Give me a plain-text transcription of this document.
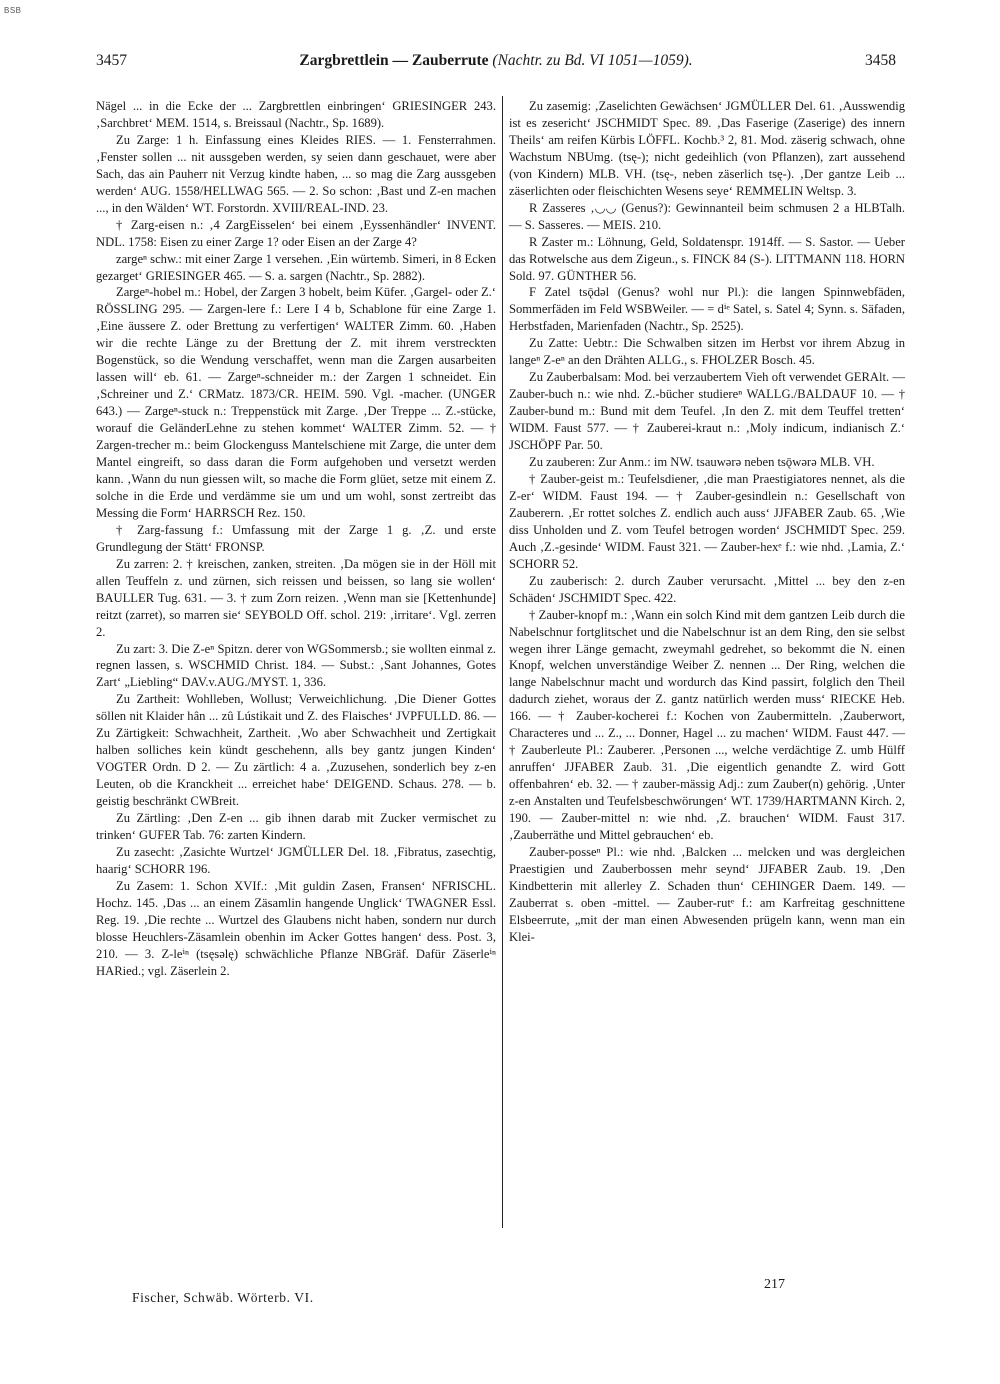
BSB
3457	Zargbrettlein — Zauberrute (Nachtr. zu Bd. VI 1051—1059).	3458

Nägel ... in die Ecke der ... Zargbrettlen einbringen‘ GRIESINGER 243. ‚Sarchbret‘ MEM. 1514, s. Breissaul (Nachtr., Sp. 1689).

Zu Zarge: 1 h. Einfassung eines Kleides RIES. — 1. Fensterrahmen. ‚Fenster sollen ... nit aussgeben werden, sy seien dann geschauet, were aber Sach, das ain Pauherr nit Verzug kindte haben, ... so mag die Zarg aussgeben werden‘ AUG. 1558/HELLWAG 565. — 2. So schon: ‚Bast und Z-en machen ..., in den Wälden‘ WT. Forstordn. XVIII/REAL-IND. 23.

† Zarg-eisen n.: ‚4 ZargEisselen‘ bei einem ‚Eyssenhändler‘ INVENT. NDL. 1758: Eisen zu einer Zarge 1? oder Eisen an der Zarge 4?

zargeⁿ schw.: mit einer Zarge 1 versehen. ‚Ein würtemb. Simeri, in 8 Ecken gezarget‘ GRIESINGER 465. — S. a. sargen (Nachtr., Sp. 2882).

Zargeⁿ-hobel m.: Hobel, der Zargen 3 hobelt, beim Küfer. ‚Gargel- oder Z.‘ RÖSSLING 295. — Zargen-lere f.: Lere I 4 b, Schablone für eine Zarge 1. ‚Eine äussere Z. oder Brettung zu verfertigen‘ WALTER Zimm. 60. ‚Haben wir die rechte Länge zu der Brettung der Z. mit ihrem verstreckten Bogenstück, so die Wendung verschaffet, wenn man die Zargen ausarbeiten lassen will‘ eb. 61. — Zargeⁿ-schneider m.: der Zargen 1 schneidet. Ein ‚Schreiner und Z.‘ CRMatz. 1873/CR. HEIM. 590. Vgl. -macher. (UNGER 643.) — Zargeⁿ-stuck n.: Treppenstück mit Zarge. ‚Der Treppe ... Z.-stücke, worauf die GeländerLehne zu stehen kommet‘ WALTER Zimm. 52. — † Zargen-trecher m.: beim Glockenguss Mantelschiene mit Zarge, die unter dem Mantel eingreift, so dass daran die Form aufgehoben und versetzt werden kann. ‚Wann du nun giessen wilt, so mache die Form glüet, setze mit einem Z. solche in die Erde und verdämme sie um und um wohl, sonst zertreibt das Messing die Form‘ HARRSCH Rez. 150.

† Zarg-fassung f.: Umfassung mit der Zarge 1 g. ‚Z. und erste Grundlegung der Stätt‘ FRONSP.

Zu zarren: 2. † kreischen, zanken, streiten. ‚Da mögen sie in der Höll mit allen Teuffeln z. und zürnen, sich reissen und beissen, so lang sie wollen‘ BAULLER Tug. 631. — 3. † zum Zorn reizen. ‚Wenn man sie [Kettenhunde] reitzt (zarret), so marren sie‘ SEYBOLD Off. schol. 219: ‚irritare‘. Vgl. zerren 2.

Zu zart: 3. Die Z-eⁿ Spitzn. derer von WGSommersb.; sie wollten einmal z. regnen lassen, s. WSCHMID Christ. 184. — Subst.: ‚Sant Johannes, Gotes Zart‘ „Liebling“ DAV.v.AUG./MYST. 1, 336.

Zu Zartheit: Wohlleben, Wollust; Verweichlichung. ‚Die Diener Gottes söllen nit Klaider hân ... zû Lústikait und Z. des Flaisches‘ JVPFULLD. 86. — Zu Zärtigkeit: Schwachheit, Zartheit. ‚Wo aber Schwachheit und Zertigkait halben solliches kein kündt geschehenn, alls bey gantz jungen Kinden‘ VOGTER Ordn. D 2. — Zu zärtlich: 4 a. ‚Zuzusehen, sonderlich bey z-en Leuten, ob die Kranckheit ... erreichet habe‘ DEIGEND. Schaus. 278. — b. geistig beschränkt CWBreit.

Zu Zärtling: ‚Den Z-en ... gib ihnen darab mit Zucker vermischet zu trinken‘ GUFER Tab. 76: zarten Kindern.

Zu zasecht: ‚Zasichte Wurtzel‘ JGMÜLLER Del. 18. ‚Fibratus, zasechtig, haarig‘ SCHORR 196.

Zu Zasem: 1. Schon XVIf.: ‚Mit guldin Zasen, Fransen‘ NFRISCHL. Hochz. 145. ‚Das ... an einem Zäsamlin hangende Unglick‘ TWAGNER Essl. Reg. 19. ‚Die rechte ... Wurtzel des Glaubens nicht haben, sondern nur durch blosse Heuchlers-Zäsamlein obenhin im Acker Gottes hangen‘ dess. Post. 3, 210. — 3. Z-leⁱⁿ (tsęsəlę) schwächliche Pflanze NBGräf. Dafür Zäserleⁱⁿ HARied.; vgl. Zäserlein 2.

Zu zasemig: ‚Zaselichten Gewächsen‘ JGMÜLLER Del. 61. ‚Ausswendig ist es zesericht‘ JSCHMIDT Spec. 89. ‚Das Faserige (Zaserige) des innern Theils‘ am reifen Kürbis LÖFFL. Kochb.³ 2, 81. Mod. zäserig schwach, ohne Wachstum NBUmg. (tsę-); nicht gedeihlich (von Pflanzen), zart aussehend (von Kindern) MLB. VH. (tsę-, neben zäserlich tsę-). ‚Der gantze Leib ... zäserlichten oder fleischichten Wesens seye‘ REMMELIN Weltsp. 3.

R Zasseres ‚◡◡ (Genus?): Gewinnanteil beim schmusen 2 a HLBTalh. — S. Sasseres. — MEIS. 210.

R Zaster m.: Löhnung, Geld, Soldatenspr. 1914ff. — S. Sastor. — Ueber das Rotwelsche aus dem Zigeun., s. FINCK 84 (S-). LITTMANN 118. HORN Sold. 97. GÜNTHER 56.

F Zatel tsǭdəl (Genus? wohl nur Pl.): die langen Spinnwebfäden, Sommerfäden im Feld WSBWeiler. — = dⁱᵉ Satel, s. Satel 4; Synn. s. Säfaden, Herbstfaden, Marienfaden (Nachtr., Sp. 2525).

Zu Zatte: Uebtr.: Die Schwalben sitzen im Herbst vor ihrem Abzug in langeⁿ Z-eⁿ an den Drähten ALLG., s. FHOLZER Bosch. 45.

Zu Zauberbalsam: Mod. bei verzaubertem Vieh oft verwendet GERAlt. — Zauber-buch n.: wie nhd. Z.-bücher studiereⁿ WALLG./BALDAUF 10. — † Zauber-bund m.: Bund mit dem Teufel. ‚In den Z. mit dem Teuffel tretten‘ WIDM. Faust 577. — † Zauberei-kraut n.: ‚Moly indicum, indianisch Z.‘ JSCHÖPF Par. 50.

Zu zauberen: Zur Anm.: im NW. tsauwərə neben tsǭwərə MLB. VH.

† Zauber-geist m.: Teufelsdiener, ‚die man Praestigiatores nennet, als die Z-er‘ WIDM. Faust 194. — † Zauber-gesindlein n.: Gesellschaft von Zauberern. ‚Er rottet solches Z. endlich auch auss‘ JJFABER Zaub. 65. ‚Wie diss Unholden und Z. vom Teufel betrogen worden‘ JSCHMIDT Spec. 259. Auch ‚Z.-gesinde‘ WIDM. Faust 321. — Zauber-hexᵉ f.: wie nhd. ‚Lamia, Z.‘ SCHORR 52.

Zu zauberisch: 2. durch Zauber verursacht. ‚Mittel ... bey den z-en Schäden‘ JSCHMIDT Spec. 422.

† Zauber-knopf m.: ‚Wann ein solch Kind mit dem gantzen Leib durch die Nabelschnur fortglitschet und die Nabelschnur ist an dem Ring, den sie selbst wegen ihrer Länge gemacht, zweymahl gedrehet, so bekommt die N. einen Knopf, welchen unverständige Weiber Z. nennen ... Der Ring, welchen die lange Nabelschnur macht und wordurch das Kind passirt, folglich den Theil dadurch ziehet, woraus der Z. gantz natürlich werden muss‘ RIECKE Heb. 166. — † Zauber-kocherei f.: Kochen von Zaubermitteln. ‚Zauberwort, Characteres und ... Z., ... Donner, Hagel ... zu machen‘ WIDM. Faust 447. — † Zauberleute Pl.: Zauberer. ‚Personen ..., welche verdächtige Z. umb Hülff anruffen‘ JJFABER Zaub. 31. ‚Die eigentlich genandte Z. wird Gott offenbahren‘ eb. 32. — † zauber-mässig Adj.: zum Zauber(n) gehörig. ‚Unter z-en Anstalten und Teufelsbeschwörungen‘ WT. 1739/HARTMANN Kirch. 2, 190. — Zauber-mittel n: wie nhd. ‚Z. brauchen‘ WIDM. Faust 317. ‚Zauberräthe und Mittel gebrauchen‘ eb.

Zauber-posseⁿ Pl.: wie nhd. ‚Balcken ... melcken und was dergleichen Praestigien und Zauberbossen mehr seynd‘ JJFABER Zaub. 19. ‚Den Kindbetterin mit allerley Z. Schaden thun‘ CEHINGER Daem. 149. — Zauberrat s. oben -mittel. — Zauber-rutᵉ f.: am Karfreitag geschnittene Elsbeerrute, „mit der man einen Abwesenden prügeln kann, wenn man ein Klei-

Fischer, Schwäb. Wörterb. VI.
217
